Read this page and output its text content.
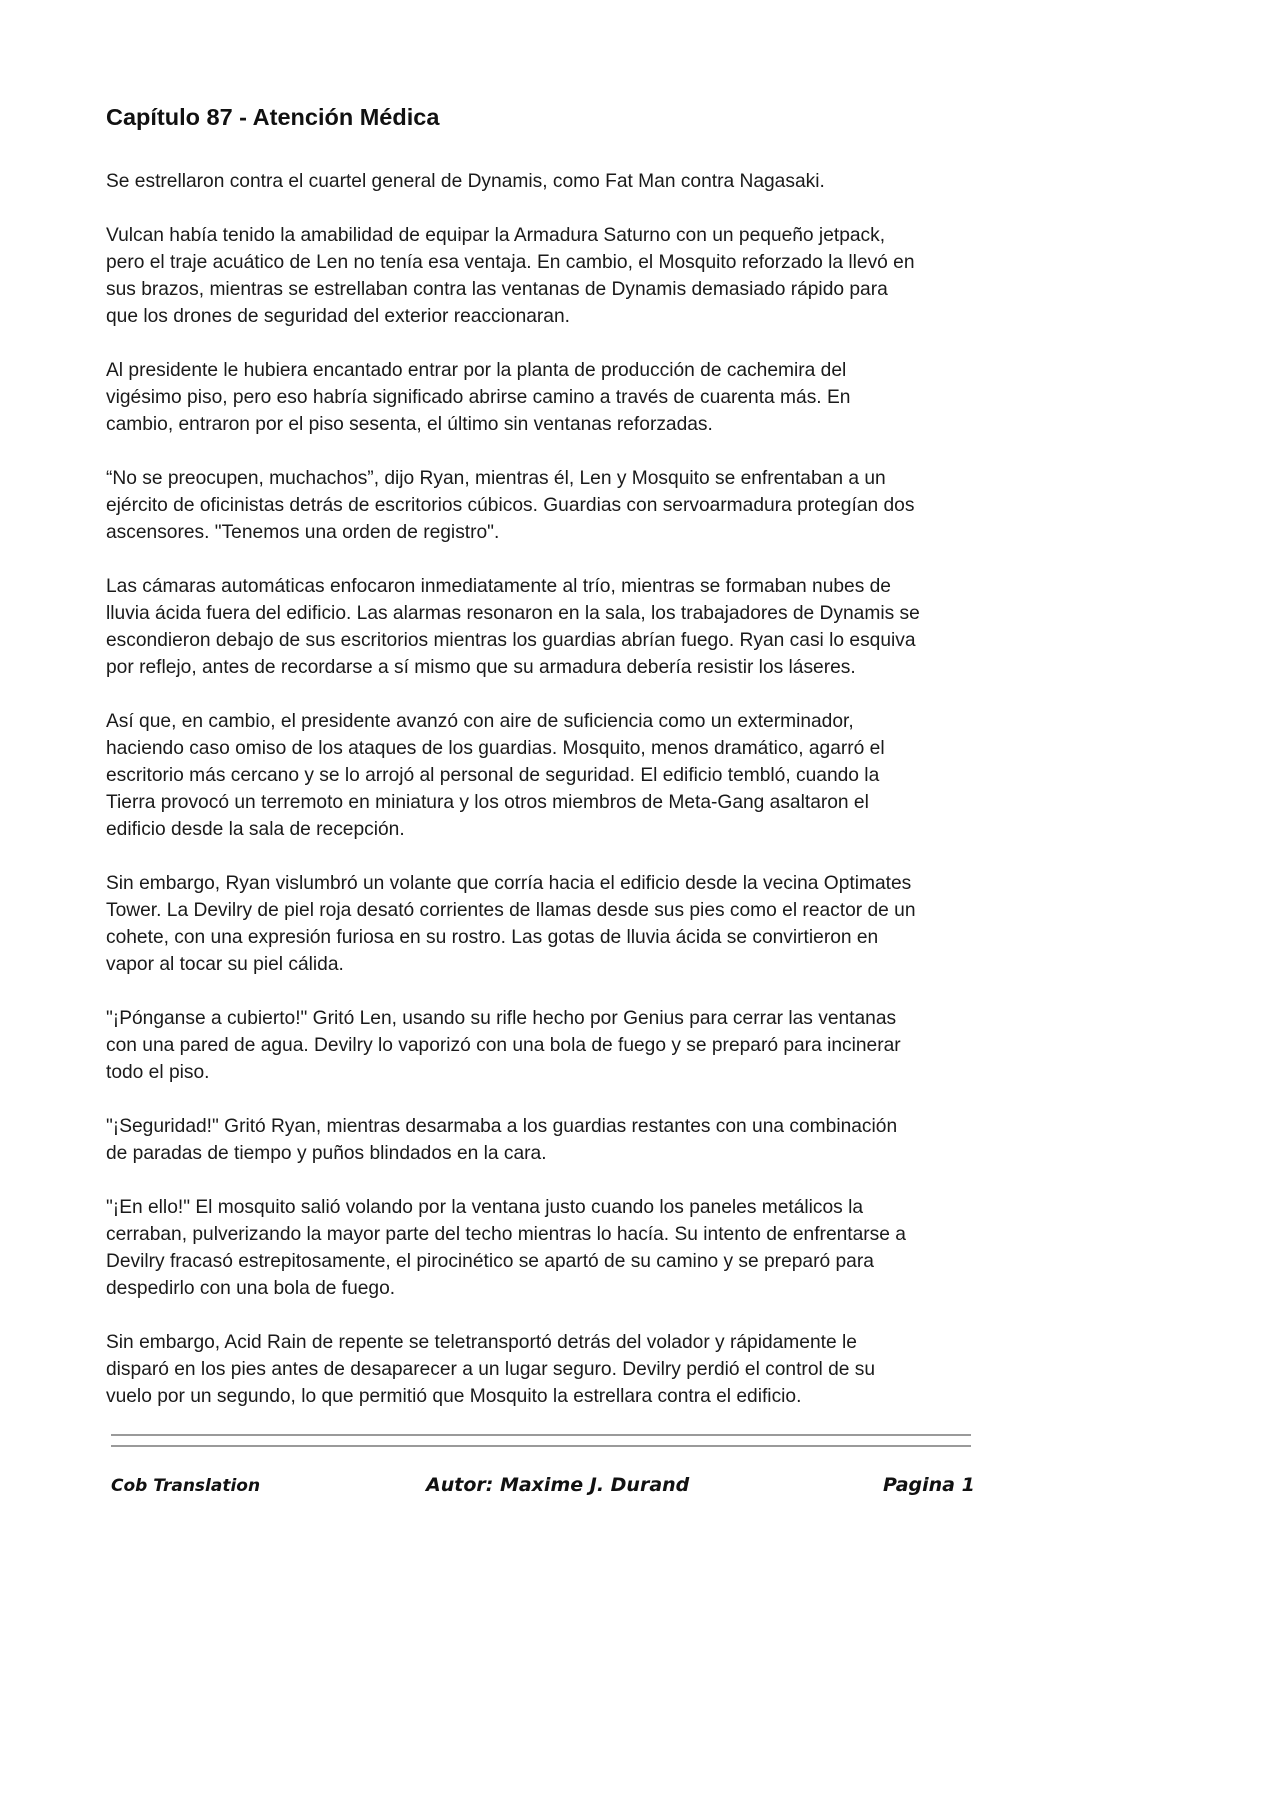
Capítulo 87 - Atención Médica

Se estrellaron contra el cuartel general de Dynamis, como Fat Man contra Nagasaki.

Vulcan había tenido la amabilidad de equipar la Armadura Saturno con un pequeño jetpack,
pero el traje acuático de Len no tenía esa ventaja. En cambio, el Mosquito reforzado la llevó en
sus brazos, mientras se estrellaban contra las ventanas de Dynamis demasiado rápido para
que los drones de seguridad del exterior reaccionaran.

Al presidente le hubiera encantado entrar por la planta de producción de cachemira del
vigésimo piso, pero eso habría significado abrirse camino a través de cuarenta más. En
cambio, entraron por el piso sesenta, el último sin ventanas reforzadas.

“No se preocupen, muchachos”, dijo Ryan, mientras él, Len y Mosquito se enfrentaban a un
ejército de oficinistas detrás de escritorios cúbicos. Guardias con servoarmadura protegían dos
ascensores. "Tenemos una orden de registro".

Las cámaras automáticas enfocaron inmediatamente al trío, mientras se formaban nubes de
lluvia ácida fuera del edificio. Las alarmas resonaron en la sala, los trabajadores de Dynamis se
escondieron debajo de sus escritorios mientras los guardias abrían fuego. Ryan casi lo esquiva
por reflejo, antes de recordarse a sí mismo que su armadura debería resistir los láseres.

Así que, en cambio, el presidente avanzó con aire de suficiencia como un exterminador,
haciendo caso omiso de los ataques de los guardias. Mosquito, menos dramático, agarró el
escritorio más cercano y se lo arrojó al personal de seguridad. El edificio tembló, cuando la
Tierra provocó un terremoto en miniatura y los otros miembros de Meta-Gang asaltaron el
edificio desde la sala de recepción.

Sin embargo, Ryan vislumbró un volante que corría hacia el edificio desde la vecina Optimates
Tower. La Devilry de piel roja desató corrientes de llamas desde sus pies como el reactor de un
cohete, con una expresión furiosa en su rostro. Las gotas de lluvia ácida se convirtieron en
vapor al tocar su piel cálida.

"¡Pónganse a cubierto!" Gritó Len, usando su rifle hecho por Genius para cerrar las ventanas
con una pared de agua. Devilry lo vaporizó con una bola de fuego y se preparó para incinerar
todo el piso.

"¡Seguridad!" Gritó Ryan, mientras desarmaba a los guardias restantes con una combinación
de paradas de tiempo y puños blindados en la cara.

"¡En ello!" El mosquito salió volando por la ventana justo cuando los paneles metálicos la
cerraban, pulverizando la mayor parte del techo mientras lo hacía. Su intento de enfrentarse a
Devilry fracasó estrepitosamente, el pirocinético se apartó de su camino y se preparó para
despedirlo con una bola de fuego.

Sin embargo, Acid Rain de repente se teletransportó detrás del volador y rápidamente le
disparó en los pies antes de desaparecer a un lugar seguro. Devilry perdió el control de su
vuelo por un segundo, lo que permitió que Mosquito la estrellara contra el edificio.

Cob Translation	Autor: Maxime J. Durand	Pagina 1
